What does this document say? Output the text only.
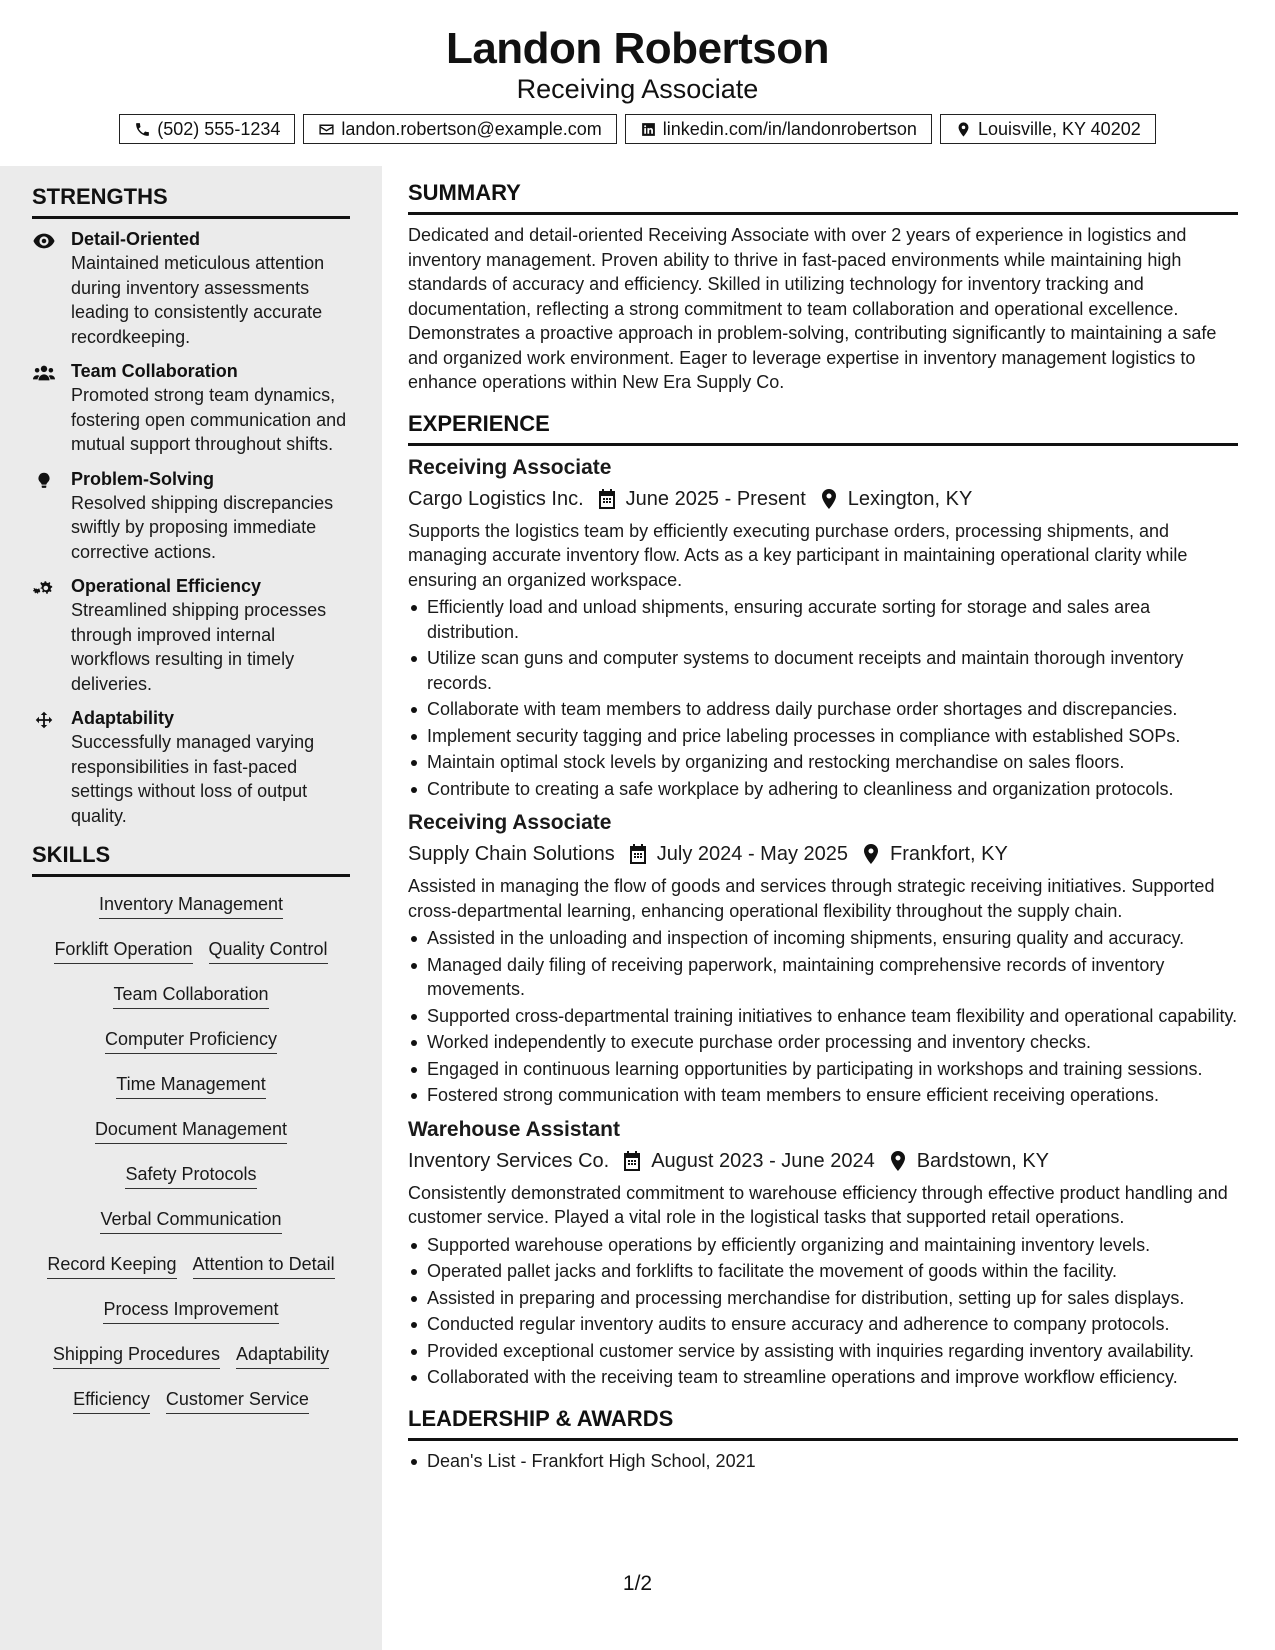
Landon Robertson
Receiving Associate
(502) 555-1234	landon.robertson@example.com	linkedin.com/in/landonrobertson	Louisville, KY 40202
STRENGTHS
Detail-Oriented
Maintained meticulous attention during inventory assessments leading to consistently accurate recordkeeping.
Team Collaboration
Promoted strong team dynamics, fostering open communication and mutual support throughout shifts.
Problem-Solving
Resolved shipping discrepancies swiftly by proposing immediate corrective actions.
Operational Efficiency
Streamlined shipping processes through improved internal workflows resulting in timely deliveries.
Adaptability
Successfully managed varying responsibilities in fast-paced settings without loss of output quality.
SKILLS
Inventory Management
Forklift Operation Quality Control
Team Collaboration
Computer Proficiency
Time Management
Document Management
Safety Protocols
Verbal Communication
Record Keeping Attention to Detail
Process Improvement
Shipping Procedures Adaptability
Efficiency Customer Service
SUMMARY
Dedicated and detail-oriented Receiving Associate with over 2 years of experience in logistics and inventory management. Proven ability to thrive in fast-paced environments while maintaining high standards of accuracy and efficiency. Skilled in utilizing technology for inventory tracking and documentation, reflecting a strong commitment to team collaboration and operational excellence. Demonstrates a proactive approach in problem-solving, contributing significantly to maintaining a safe and organized work environment. Eager to leverage expertise in inventory management logistics to enhance operations within New Era Supply Co.
EXPERIENCE
Receiving Associate
Cargo Logistics Inc. June 2025 - Present Lexington, KY
Supports the logistics team by efficiently executing purchase orders, processing shipments, and managing accurate inventory flow. Acts as a key participant in maintaining operational clarity while ensuring an organized workspace.
Efficiently load and unload shipments, ensuring accurate sorting for storage and sales area distribution.
Utilize scan guns and computer systems to document receipts and maintain thorough inventory records.
Collaborate with team members to address daily purchase order shortages and discrepancies.
Implement security tagging and price labeling processes in compliance with established SOPs.
Maintain optimal stock levels by organizing and restocking merchandise on sales floors.
Contribute to creating a safe workplace by adhering to cleanliness and organization protocols.
Receiving Associate
Supply Chain Solutions July 2024 - May 2025 Frankfort, KY
Assisted in managing the flow of goods and services through strategic receiving initiatives. Supported cross-departmental learning, enhancing operational flexibility throughout the supply chain.
Assisted in the unloading and inspection of incoming shipments, ensuring quality and accuracy.
Managed daily filing of receiving paperwork, maintaining comprehensive records of inventory movements.
Supported cross-departmental training initiatives to enhance team flexibility and operational capability.
Worked independently to execute purchase order processing and inventory checks.
Engaged in continuous learning opportunities by participating in workshops and training sessions.
Fostered strong communication with team members to ensure efficient receiving operations.
Warehouse Assistant
Inventory Services Co. August 2023 - June 2024 Bardstown, KY
Consistently demonstrated commitment to warehouse efficiency through effective product handling and customer service. Played a vital role in the logistical tasks that supported retail operations.
Supported warehouse operations by efficiently organizing and maintaining inventory levels.
Operated pallet jacks and forklifts to facilitate the movement of goods within the facility.
Assisted in preparing and processing merchandise for distribution, setting up for sales displays.
Conducted regular inventory audits to ensure accuracy and adherence to company protocols.
Provided exceptional customer service by assisting with inquiries regarding inventory availability.
Collaborated with the receiving team to streamline operations and improve workflow efficiency.
LEADERSHIP & AWARDS
Dean's List - Frankfort High School, 2021
1/2
